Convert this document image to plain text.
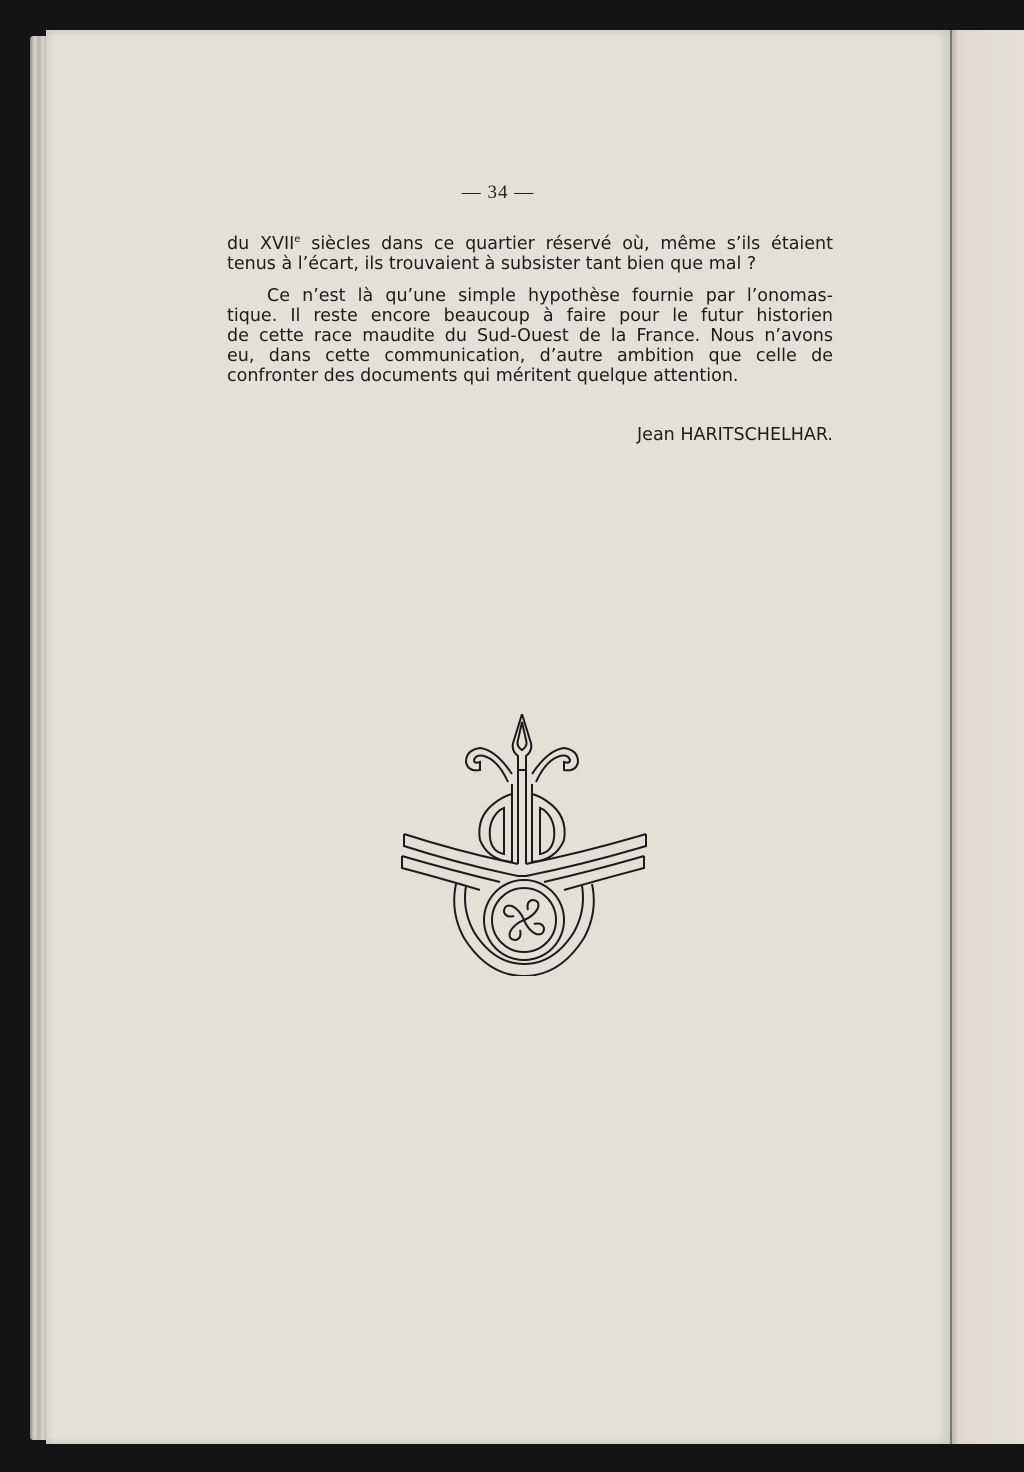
— 34 —

du XVIIe siècles dans ce quartier réservé où, même s’ils étaient
tenus à l’écart, ils trouvaient à subsister tant bien que mal ?
Ce n’est là qu’une simple hypothèse fournie par l’onomas-
tique. Il reste encore beaucoup à faire pour le futur historien
de cette race maudite du Sud-Ouest de la France. Nous n’avons
eu, dans cette communication, d’autre ambition que celle de
confronter des documents qui méritent quelque attention.
Jean HARITSCHELHAR.
